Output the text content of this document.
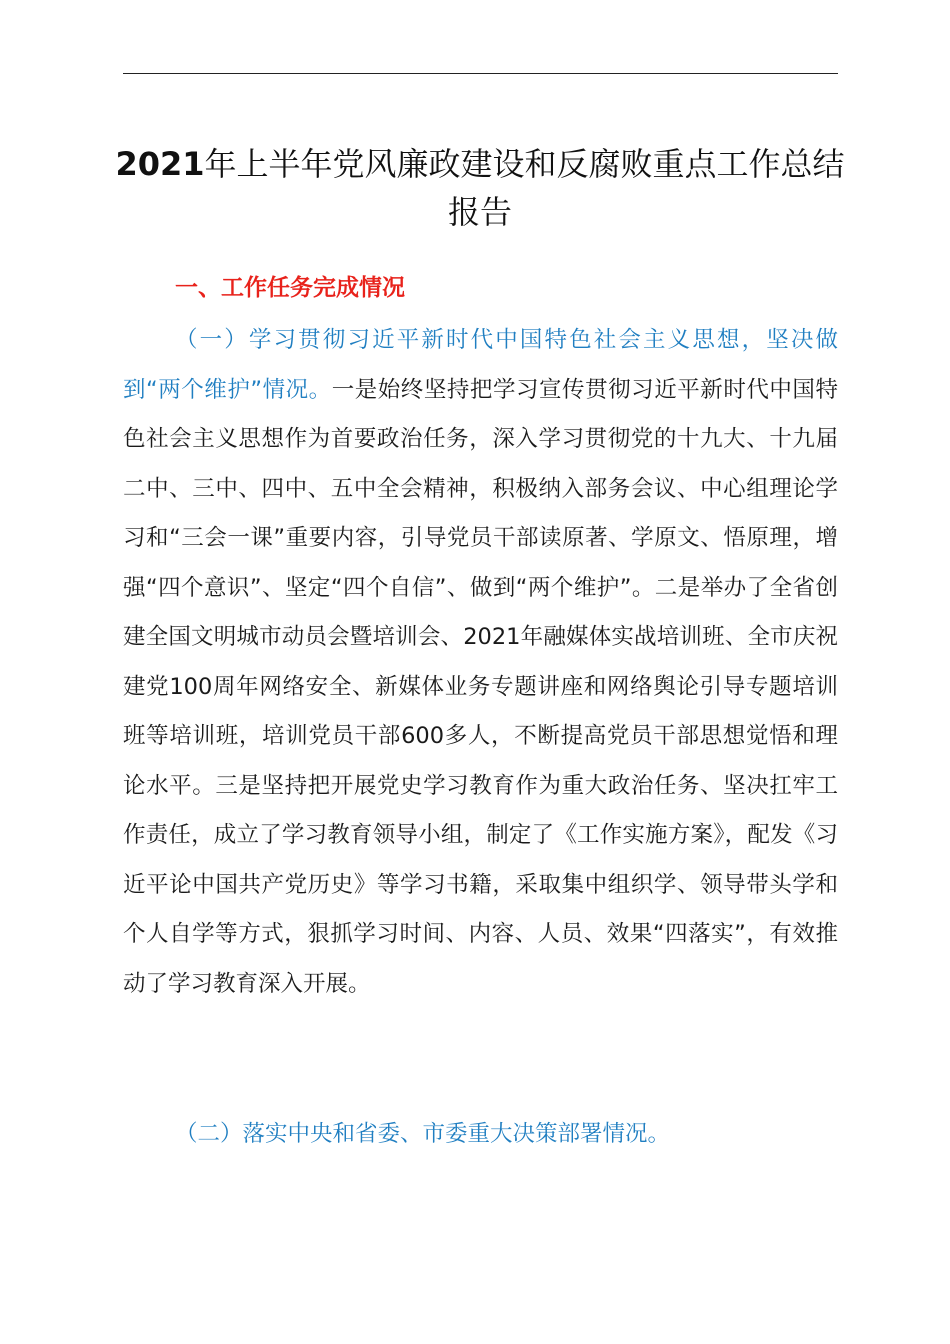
2021年上半年党风廉政建设和反腐败重点工作总结报告
一、工作任务完成情况

（一）学习贯彻习近平新时代中国特色社会主义思想，坚决做到“两个维护”情况。一是始终坚持把学习宣传贯彻习近平新时代中国特色社会主义思想作为首要政治任务，深入学习贯彻党的十九大、十九届二中、三中、四中、五中全会精神，积极纳入部务会议、中心组理论学习和“三会一课”重要内容，引导党员干部读原著、学原文、悟原理，增强“四个意识”、坚定“四个自信”、做到“两个维护”。二是举办了全省创建全国文明城市动员会暨培训会、2021年融媒体实战培训班、全市庆祝建党100周年网络安全、新媒体业务专题讲座和网络舆论引导专题培训班等培训班，培训党员干部600多人，不断提高党员干部思想觉悟和理论水平。三是坚持把开展党史学习教育作为重大政治任务、坚决扛牢工作责任，成立了学习教育领导小组，制定了《工作实施方案》，配发《习近平论中国共产党历史》等学习书籍，采取集中组织学、领导带头学和个人自学等方式，狠抓学习时间、内容、人员、效果“四落实”，有效推动了学习教育深入开展。

（二）落实中央和省委、市委重大决策部署情况。
